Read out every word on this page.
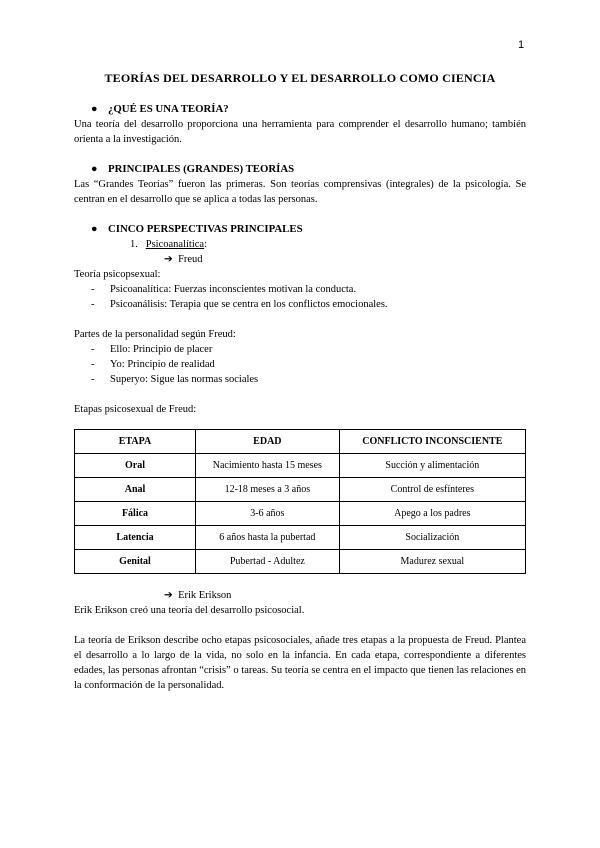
1
TEORÍAS DEL DESARROLLO Y EL DESARROLLO COMO CIENCIA
● ¿QUÉ ES UNA TEORÍA?

Una teoría del desarrollo proporciona una herramienta para comprender el desarrollo humano; también orienta a la investigación.

● PRINCIPALES (GRANDES) TEORÍAS

Las “Grandes Teorías” fueron las primeras. Son teorías comprensivas (integrales) de la psicología. Se centran en el desarrollo que se aplica a todas las personas.

● CINCO PERSPECTIVAS PRINCIPALES
1. Psicoanalítica:
➔ Freud

Teoría psicopsexual:

- Psicoanalítica: Fuerzas inconscientes motivan la conducta.
- Psicoanálisis: Terapia que se centra en los conflictos emocionales.

Partes de la personalidad según Freud:

- Ello: Principio de placer
- Yo: Principio de realidad
- Superyo: Sigue las normas sociales

Etapas psicosexual de Freud:

ETAPA	EDAD	CONFLICTO INCONSCIENTE
Oral	Nacimiento hasta 15 meses	Succión y alimentación
Anal	12-18 meses a 3 años	Control de esfínteres
Fálica	3-6 años	Apego a los padres
Latencia	6 años hasta la pubertad	Socialización
Genital	Pubertad - Adultez	Madurez sexual
➔ Erik Erikson

Erik Erikson creó una teoría del desarrollo psicosocial.

La teoría de Erikson describe ocho etapas psicosociales, añade tres etapas a la propuesta de Freud. Plantea el desarrollo a lo largo de la vida, no solo en la infancia. En cada etapa, correspondiente a diferentes edades, las personas afrontan “crisis” o tareas. Su teoría se centra en el impacto que tienen las relaciones en la conformación de la personalidad.
